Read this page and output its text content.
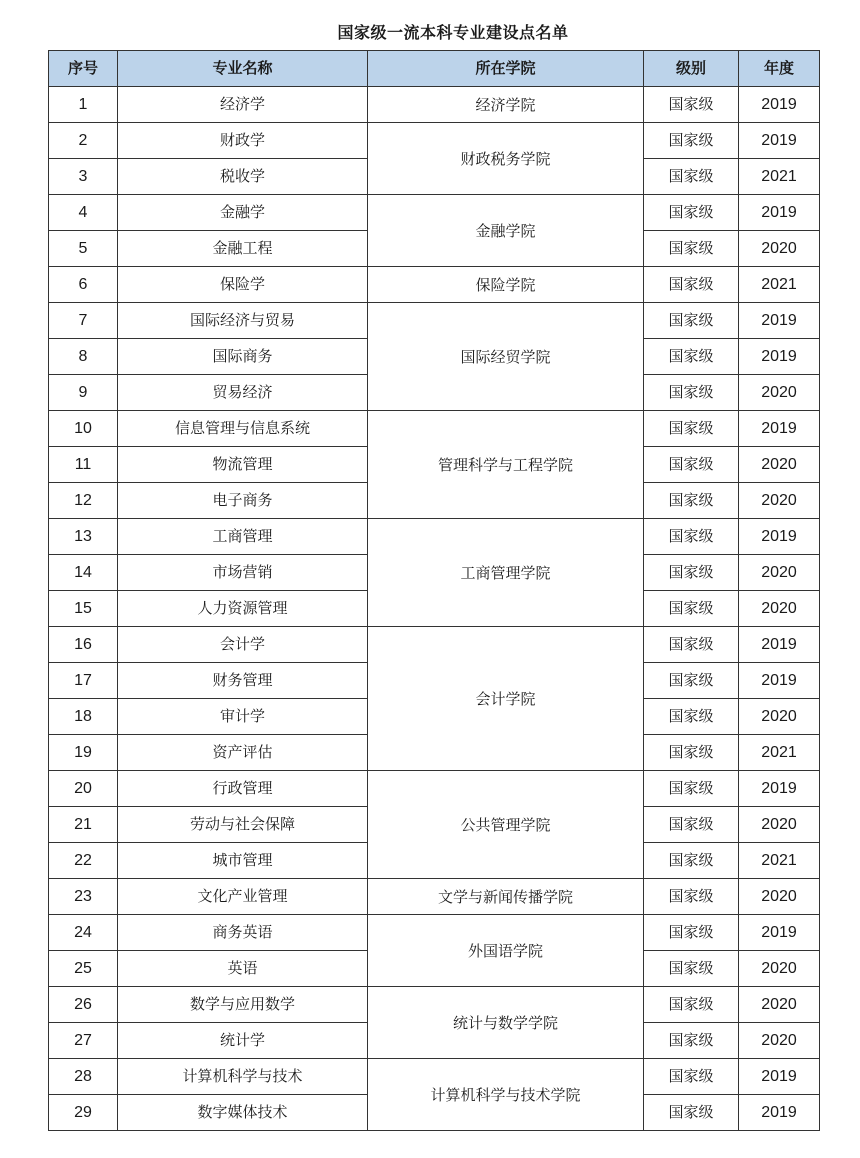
国家级一流本科专业建设点名单
序号	专业名称	所在学院	级别	年度
1	经济学	经济学院	国家级	2019
2	财政学	财政税务学院	国家级	2019
3	税收学		国家级	2021
4	金融学	金融学院	国家级	2019
5	金融工程		国家级	2020
6	保险学	保险学院	国家级	2021
7	国际经济与贸易	国际经贸学院	国家级	2019
8	国际商务		国家级	2019
9	贸易经济		国家级	2020
10	信息管理与信息系统	管理科学与工程学院	国家级	2019
11	物流管理		国家级	2020
12	电子商务		国家级	2020
13	工商管理	工商管理学院	国家级	2019
14	市场营销		国家级	2020
15	人力资源管理		国家级	2020
16	会计学	会计学院	国家级	2019
17	财务管理		国家级	2019
18	审计学		国家级	2020
19	资产评估		国家级	2021
20	行政管理	公共管理学院	国家级	2019
21	劳动与社会保障		国家级	2020
22	城市管理		国家级	2021
23	文化产业管理	文学与新闻传播学院	国家级	2020
24	商务英语	外国语学院	国家级	2019
25	英语		国家级	2020
26	数学与应用数学	统计与数学学院	国家级	2020
27	统计学		国家级	2020
28	计算机科学与技术	计算机科学与技术学院	国家级	2019
29	数字媒体技术		国家级	2019
